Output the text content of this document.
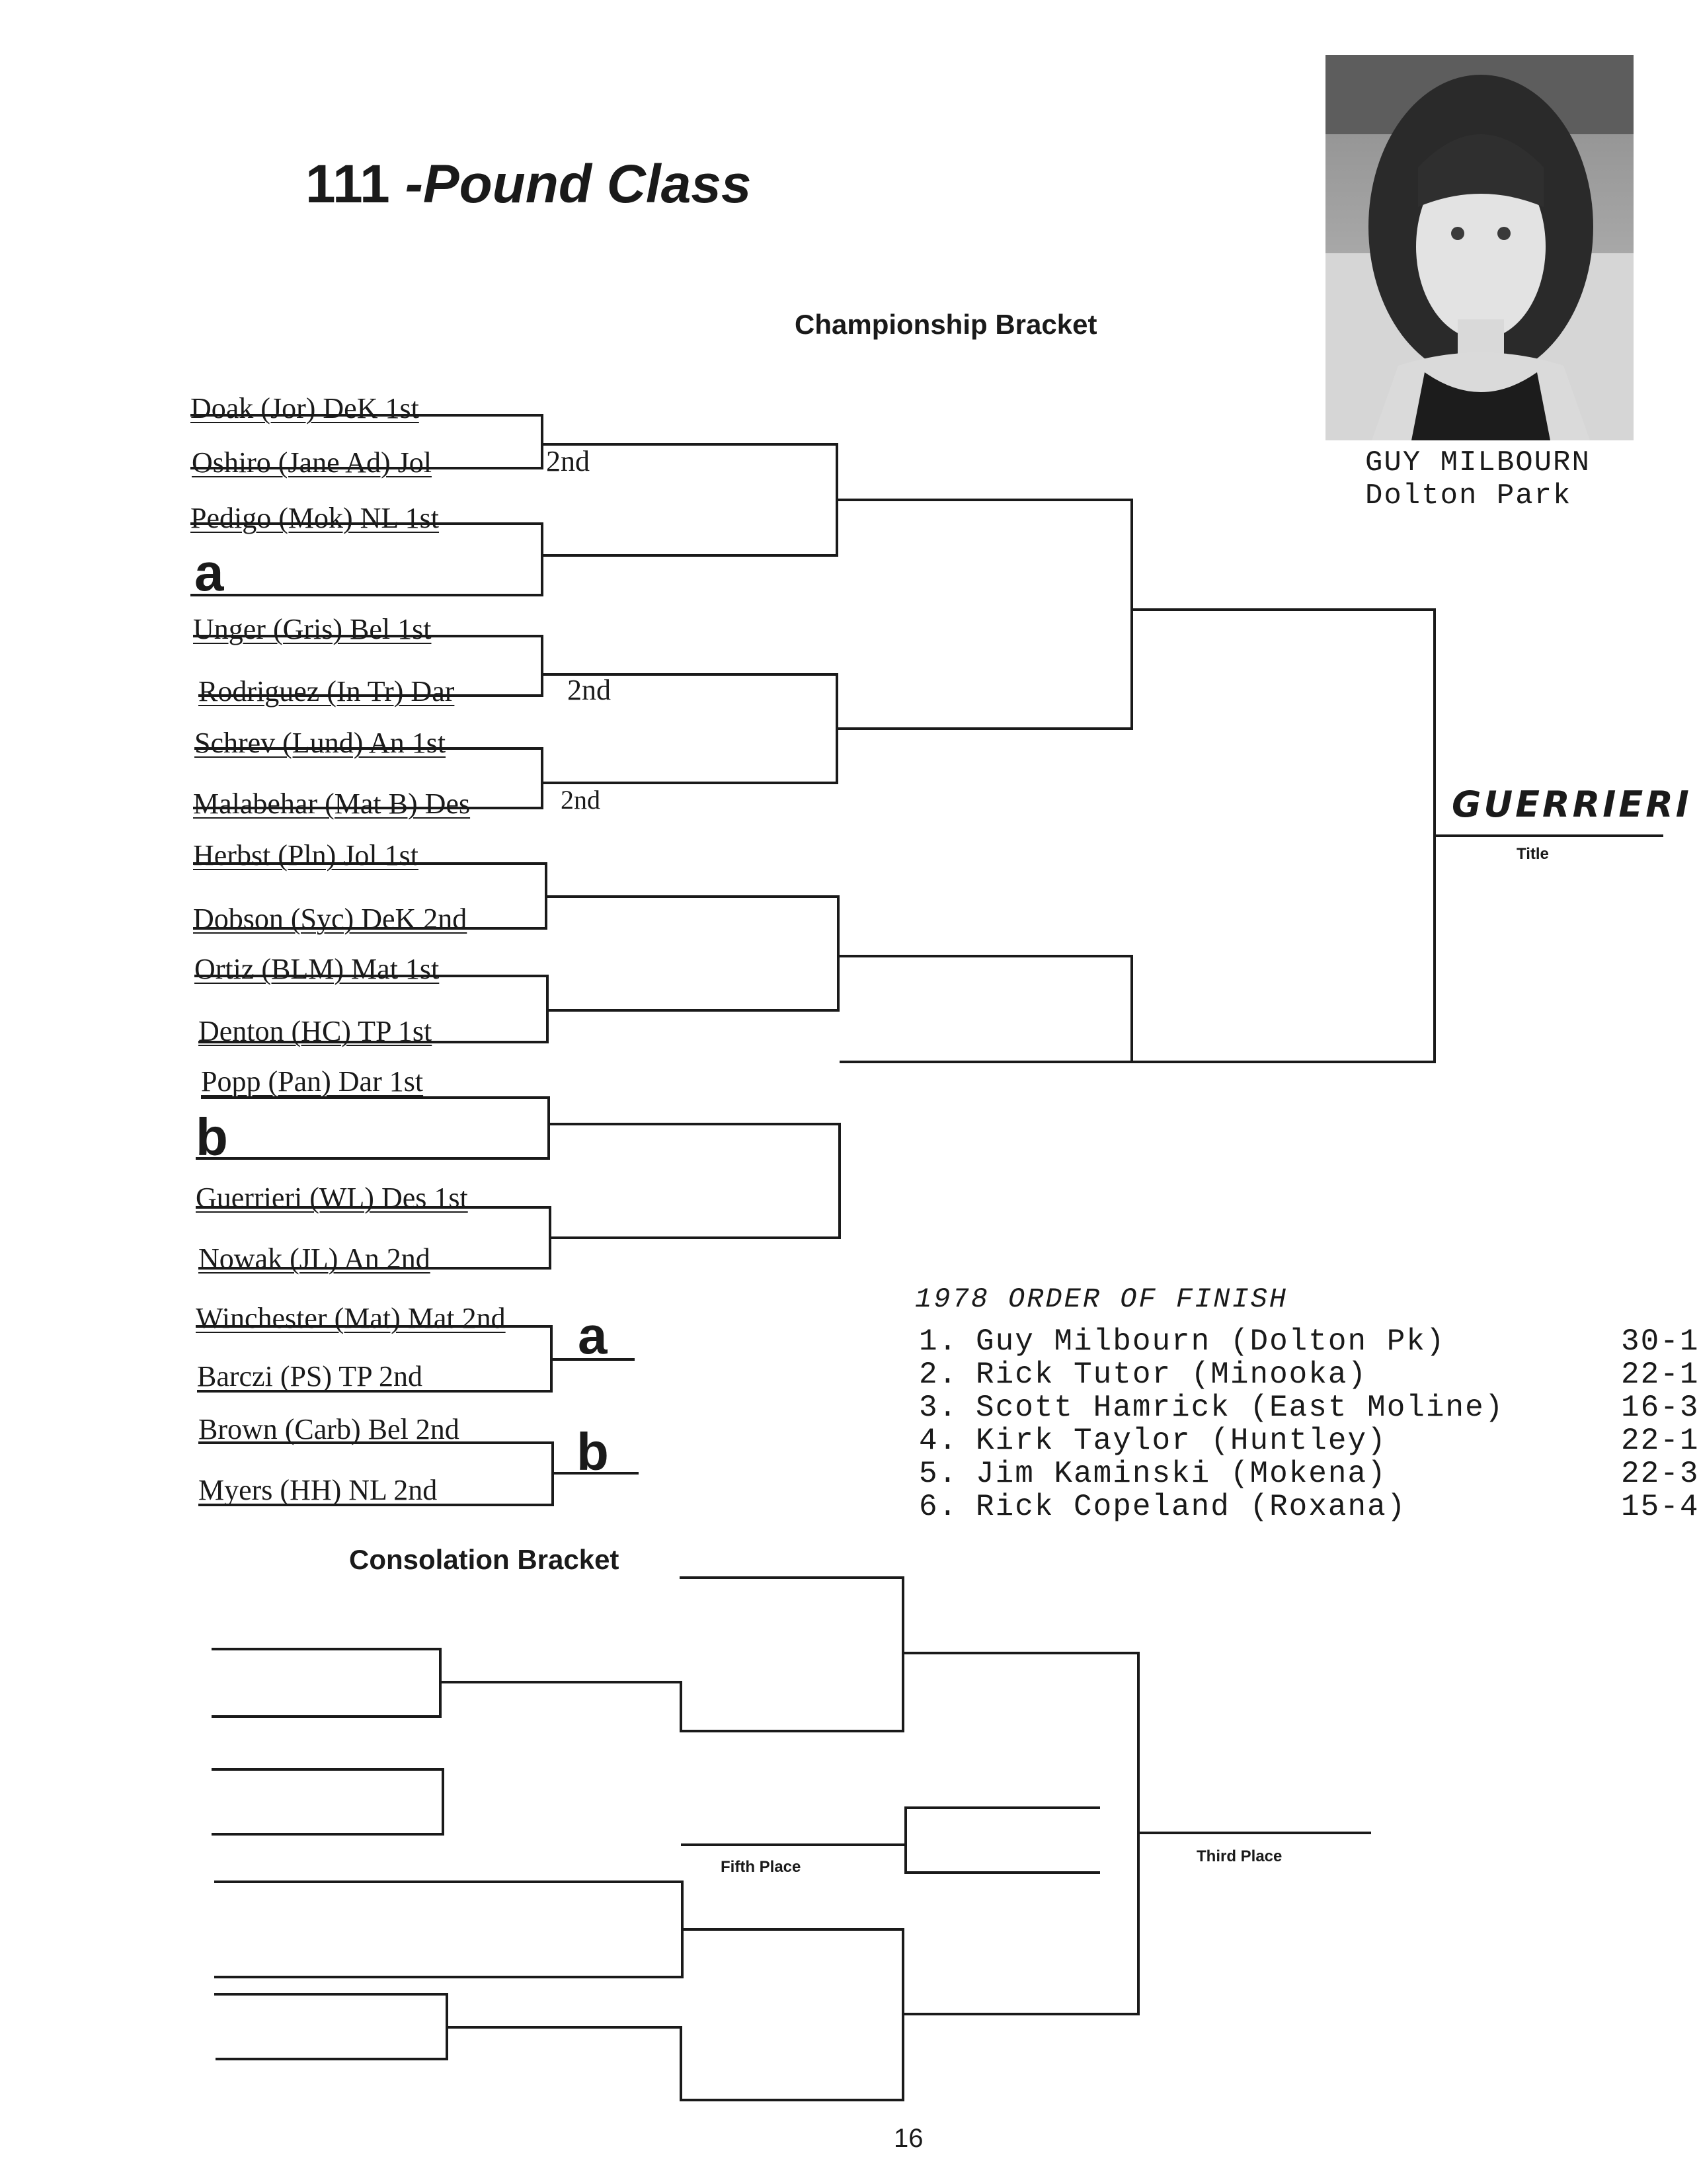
111 -Pound Class
Championship Bracket
GUY MILBOURN
Dolton Park
Doak (Jor) DeK 1st
Oshiro (Jane Ad) Jol	2nd
Pedigo (Mok) NL 1st
a
Unger (Gris) Bel 1st
Rodriguez (In Tr) Dar	2nd
Schrev (Lund) An 1st
Malabehar (Mat B) Des	2nd
Herbst (Pln) Jol 1st
Dobson (Syc) DeK 2nd
Ortiz (BLM) Mat 1st
Denton (HC) TP 1st
Popp (Pan) Dar 1st
b
Guerrieri (WL) Des 1st
Nowak (JL) An 2nd
Winchester (Mat) Mat 2nd
Barczi (PS) TP 2nd
a
Brown (Carb) Bel 2nd
Myers (HH) NL 2nd
b
GUERRIERI
Title
1978 ORDER OF FINISH
1. Guy Milbourn (Dolton Pk)	30-1
2. Rick Tutor (Minooka)	22-1
3. Scott Hamrick (East Moline)	16-3
4. Kirk Taylor (Huntley)	22-1
5. Jim Kaminski (Mokena)	22-3
6. Rick Copeland (Roxana)	15-4
Consolation Bracket
Fifth Place
Third Place
16
